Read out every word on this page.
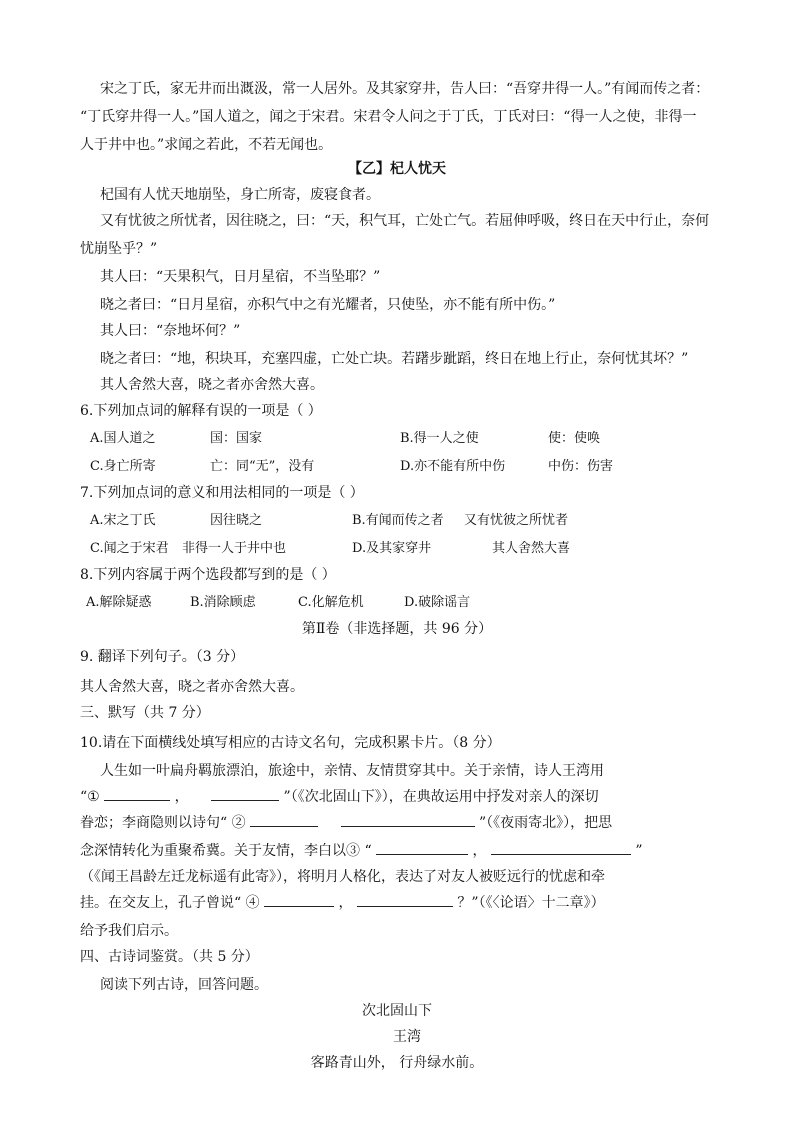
宋之丁氏，家无井而出溉汲，常一人居外。及其家穿井，告人曰：“吾穿井得一人。”有闻而传之者：
“丁氏穿井得一人。”国人道之，闻之于宋君。宋君令人问之于丁氏，丁氏对曰：“得一人之使，非得一
人于井中也。”求闻之若此，不若无闻也。
【乙】杞人忧天
杞国有人忧天地崩坠，身亡所寄，废寝食者。
又有忧彼之所忧者，因往晓之，曰：“天，积气耳，亡处亡气。若屈伸呼吸，终日在天中行止，奈何
忧崩坠乎？”
其人曰：“天果积气，日月星宿，不当坠耶？”
晓之者曰：“日月星宿，亦积气中之有光耀者，只使坠，亦不能有所中伤。”
其人曰：“奈地坏何？”
晓之者曰：“地，积块耳，充塞四虚，亡处亡块。若躇步跐蹈，终日在地上行止，奈何忧其坏？”
其人舍然大喜，晓之者亦舍然大喜。
6.下列加点词的解释有误的一项是（ ）
A.国人道之	国：国家	B.得一人之使	使：使唤
C.身亡所寄	亡：同“无”，没有	D.亦不能有所中伤	中伤：伤害
7.下列加点词的意义和用法相同的一项是（ ）
A.宋之丁氏	因往晓之	B.有闻而传之者 又有忧彼之所忧者
C.闻之于宋君 非得一人于井中也	D.及其家穿井	其人舍然大喜
8.下列内容属于两个选段都写到的是（ ）
A.解除疑惑	B.消除顾虑	C.化解危机	D.破除谣言
第Ⅱ卷（非选择题，共 96 分）
9. 翻译下列句子。（3 分）
其人舍然大喜，晓之者亦舍然大喜。
三、默写（共 7 分）
10.请在下面横线处填写相应的古诗文名句，完成积累卡片。（8 分）
人生如一叶扁舟羁旅漂泊，旅途中，亲情、友情贯穿其中。关于亲情，诗人王湾用
“①	，	”（《次北固山下》），在典故运用中抒发对亲人的深切
眷恋；李商隐则以诗句“ ②	”（《夜雨寄北》），把思
念深情转化为重聚希冀。关于友情，李白以③ “	，	”
（《闻王昌龄左迁龙标遥有此寄》），将明月人格化，表达了对友人被贬远行的忧虑和牵
挂。在交友上，孔子曾说“ ④	，	？”（《〈论语〉十二章》）
给予我们启示。
四、古诗词鉴赏。（共 5 分）
阅读下列古诗，回答问题。
次北固山下
王湾
客路青山外， 行舟绿水前。
